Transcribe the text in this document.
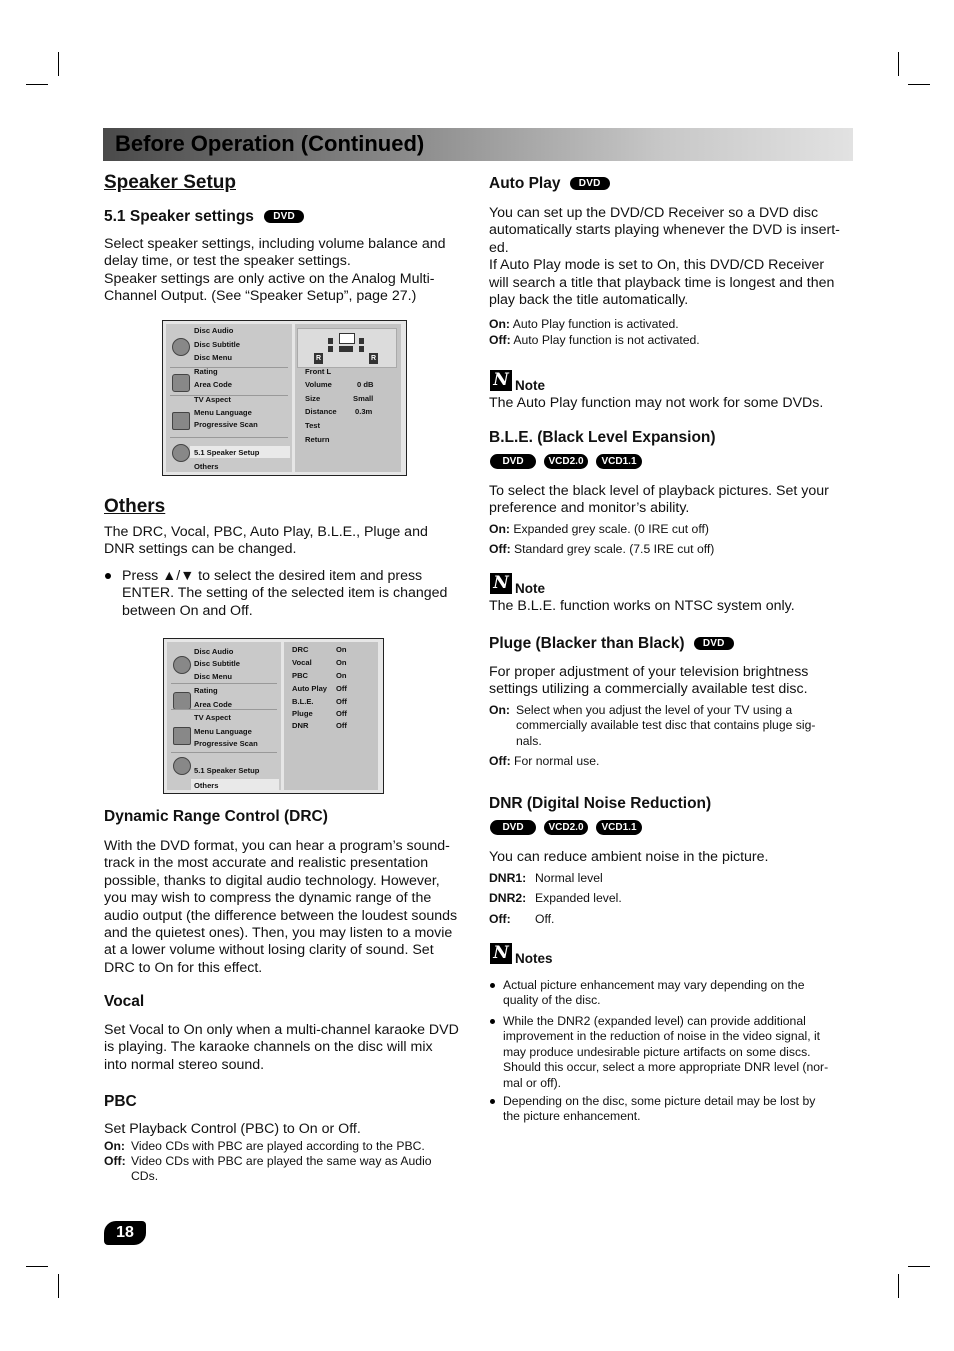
Before Operation (Continued)
Speaker Setup
5.1 Speaker settings DVD
Select speaker settings, including volume balance and
delay time, or test the speaker settings.
Speaker settings are only active on the Analog Multi-
Channel Output. (See “Speaker Setup”, page 27.)
Disc Audio
Disc Subtitle
Disc Menu
Rating
Area Code
TV Aspect
Menu Language
Progressive Scan
5.1 Speaker Setup
Others
R	R
Front L
Volume	0 dB
Size	Small
Distance 0.3m
Test
Return
Others
The DRC, Vocal, PBC, Auto Play, B.L.E., Pluge and
DNR settings can be changed.
Press ▲/▼ to select the desired item and press
ENTER. The setting of the selected item is changed
between On and Off.
Disc Audio
Disc Subtitle
Disc Menu
Rating
Area Code
TV Aspect
Menu Language
Progressive Scan
5.1 Speaker Setup
Others
DRC	On
Vocal	On
PBC	On
Auto Play Off
B.L.E.	Off
Pluge	Off
DNR	Off
Dynamic Range Control (DRC)
With the DVD format, you can hear a program’s sound-
track in the most accurate and realistic presentation
possible, thanks to digital audio technology. However,
you may wish to compress the dynamic range of the
audio output (the difference between the loudest sounds
and the quietest ones). Then, you may listen to a movie
at a lower volume without losing clarity of sound. Set
DRC to On for this effect.
Vocal
Set Vocal to On only when a multi-channel karaoke DVD
is playing. The karaoke channels on the disc will mix
into normal stereo sound.
PBC
Set Playback Control (PBC) to On or Off.
On: Video CDs with PBC are played according to the PBC.
Off: Video CDs with PBC are played the same way as Audio
CDs.
18
Auto Play DVD
You can set up the DVD/CD Receiver so a DVD disc
automatically starts playing whenever the DVD is insert-
ed.
If Auto Play mode is set to On, this DVD/CD Receiver
will search a title that playback time is longest and then
play back the title automatically.
On: Auto Play function is activated.
Off: Auto Play function is not activated.
N Note
The Auto Play function may not work for some DVDs.
B.L.E. (Black Level Expansion)
DVD	VCD2.0	VCD1.1
To select the black level of playback pictures. Set your
preference and monitor’s ability.
On: Expanded grey scale. (0 IRE cut off)
Off: Standard grey scale. (7.5 IRE cut off)
N Note
The B.L.E. function works on NTSC system only.
Pluge (Blacker than Black) DVD
For proper adjustment of your television brightness
settings utilizing a commercially available test disc.
On: Select when you adjust the level of your TV using a
commercially available test disc that contains pluge sig-
nals.
Off: For normal use.
DNR (Digital Noise Reduction)
DVD	VCD2.0	VCD1.1
You can reduce ambient noise in the picture.
DNR1: Normal level
DNR2: Expanded level.
Off: Off.
N Notes
Actual picture enhancement may vary depending on the
quality of the disc.
While the DNR2 (expanded level) can provide additional
improvement in the reduction of noise in the video signal, it
may produce undesirable picture artifacts on some discs.
Should this occur, select a more appropriate DNR level (nor-
mal or off).
Depending on the disc, some picture detail may be lost by
the picture enhancement.
